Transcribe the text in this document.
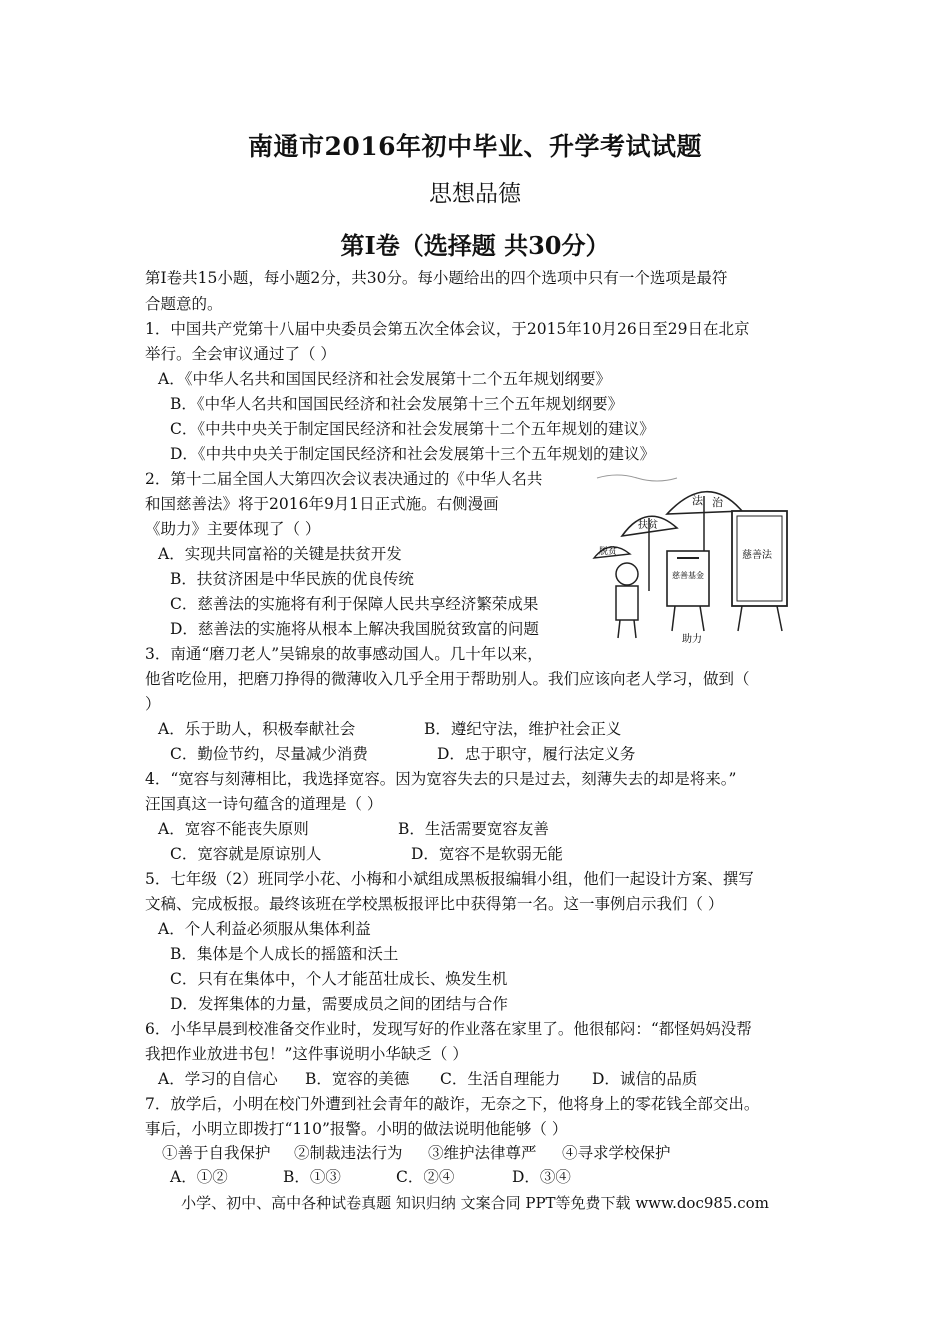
南通市2016年初中毕业、升学考试试题
思想品德
第Ⅰ卷（选择题 共30分）
第Ⅰ卷共15小题，每小题2分，共30分。每小题给出的四个选项中只有一个选项是最符
合题意的。
1．中国共产党第十八届中央委员会第五次全体会议，于2015年10月26日至29日在北京
举行。全会审议通过了（ ）
A．《中华人名共和国国民经济和社会发展第十二个五年规划纲要》
B．《中华人名共和国国民经济和社会发展第十三个五年规划纲要》
C．《中共中央关于制定国民经济和社会发展第十二个五年规划的建议》
D．《中共中央关于制定国民经济和社会发展第十三个五年规划的建议》
2．第十二届全国人大第四次会议表决通过的《中华人名共
和国慈善法》将于2016年9月1日正式施。右侧漫画
《助力》主要体现了（ ）
A．实现共同富裕的关键是扶贫开发
B．扶贫济困是中华民族的优良传统
C．慈善法的实施将有利于保障人民共享经济繁荣成果
D．慈善法的实施将从根本上解决我国脱贫致富的问题
法 治
扶贫
脱贫	慈善法
慈善基金
助力
3．南通“磨刀老人”吴锦泉的故事感动国人。几十年以来，
他省吃俭用，把磨刀挣得的微薄收入几乎全用于帮助别人。我们应该向老人学习，做到（
）
A．乐于助人，积极奉献社会	B．遵纪守法，维护社会正义
C．勤俭节约，尽量减少消费	D．忠于职守，履行法定义务
4．“宽容与刻薄相比，我选择宽容。因为宽容失去的只是过去，刻薄失去的却是将来。”
汪国真这一诗句蕴含的道理是（ ）
A．宽容不能丧失原则	B．生活需要宽容友善
C．宽容就是原谅别人	D．宽容不是软弱无能
5．七年级（2）班同学小花、小梅和小斌组成黑板报编辑小组，他们一起设计方案、撰写
文稿、完成板报。最终该班在学校黑板报评比中获得第一名。这一事例启示我们（ ）
A．个人利益必须服从集体利益
B．集体是个人成长的摇篮和沃土
C．只有在集体中，个人才能茁壮成长、焕发生机
D．发挥集体的力量，需要成员之间的团结与合作
6．小华早晨到校准备交作业时，发现写好的作业落在家里了。他很郁闷：“都怪妈妈没帮
我把作业放进书包！”这件事说明小华缺乏（ ）
A．学习的自信心 B．宽容的美德 C．生活自理能力 D．诚信的品质
7．放学后，小明在校门外遭到社会青年的敲诈，无奈之下，他将身上的零花钱全部交出。
事后，小明立即拨打“110”报警。小明的做法说明他能够（ ）
①善于自我保护 ②制裁违法行为 ③维护法律尊严 ④寻求学校保护
A．①②	B．①③	C．②④	D．③④
小学、初中、高中各种试卷真题 知识归纳 文案合同 PPT等免费下载 www.doc985.com
